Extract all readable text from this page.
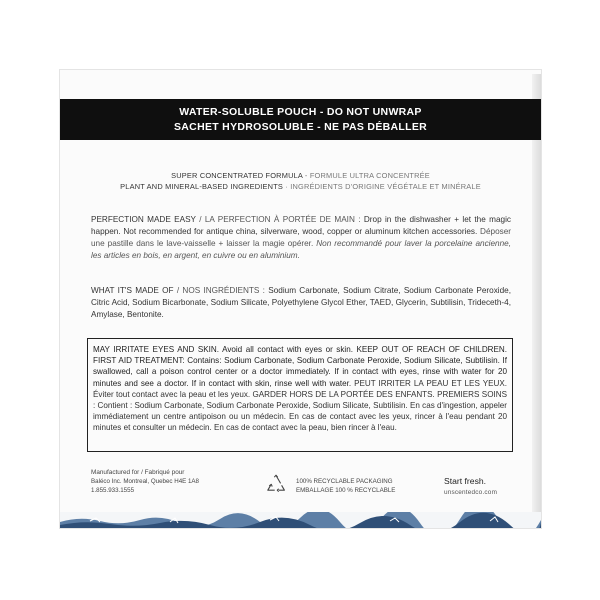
WATER-SOLUBLE POUCH - DO NOT UNWRAP
SACHET HYDROSOLUBLE - NE PAS DÉBALLER
SUPER CONCENTRATED FORMULA - FORMULE ULTRA CONCENTRÉE
PLANT AND MINERAL-BASED INGREDIENTS · INGRÉDIENTS D'ORIGINE VÉGÉTALE ET MINÉRALE
PERFECTION MADE EASY / LA PERFECTION À PORTÉE DE MAIN : Drop in the dishwasher + let the magic happen. Not recommended for antique china, silverware, wood, copper or aluminum kitchen accessories. Déposer une pastille dans le lave-vaisselle + laisser la magie opérer. Non recommandé pour laver la porcelaine ancienne, les articles en bois, en argent, en cuivre ou en aluminium.
WHAT IT'S MADE OF / NOS INGRÉDIENTS : Sodium Carbonate, Sodium Citrate, Sodium Carbonate Peroxide, Citric Acid, Sodium Bicarbonate, Sodium Silicate, Polyethylene Glycol Ether, TAED, Glycerin, Subtilisin, Trideceth-4, Amylase, Bentonite.
MAY IRRITATE EYES AND SKIN. Avoid all contact with eyes or skin. KEEP OUT OF REACH OF CHILDREN. FIRST AID TREATMENT: Contains: Sodium Carbonate, Sodium Carbonate Peroxide, Sodium Silicate, Subtilisin. If swallowed, call a poison control center or a doctor immediately. If in contact with eyes, rinse with water for 20 minutes and see a doctor. If in contact with skin, rinse well with water. PEUT IRRITER LA PEAU ET LES YEUX. Éviter tout contact avec la peau et les yeux. GARDER HORS DE LA PORTÉE DES ENFANTS. PREMIERS SOINS : Contient : Sodium Carbonate, Sodium Carbonate Peroxide, Sodium Silicate, Subtilisin. En cas d'ingestion, appeler immédiatement un centre antipoison ou un médecin. En cas de contact avec les yeux, rincer à l'eau pendant 20 minutes et consulter un médecin. En cas de contact avec la peau, bien rincer à l'eau.
Manufactured for / Fabriqué pour
Baléco Inc. Montreal, Quebec H4E 1A8
1.855.933.1555
100% RECYCLABLE PACKAGING
EMBALLAGE 100 % RECYCLABLE
Start fresh.
unscentedco.com
